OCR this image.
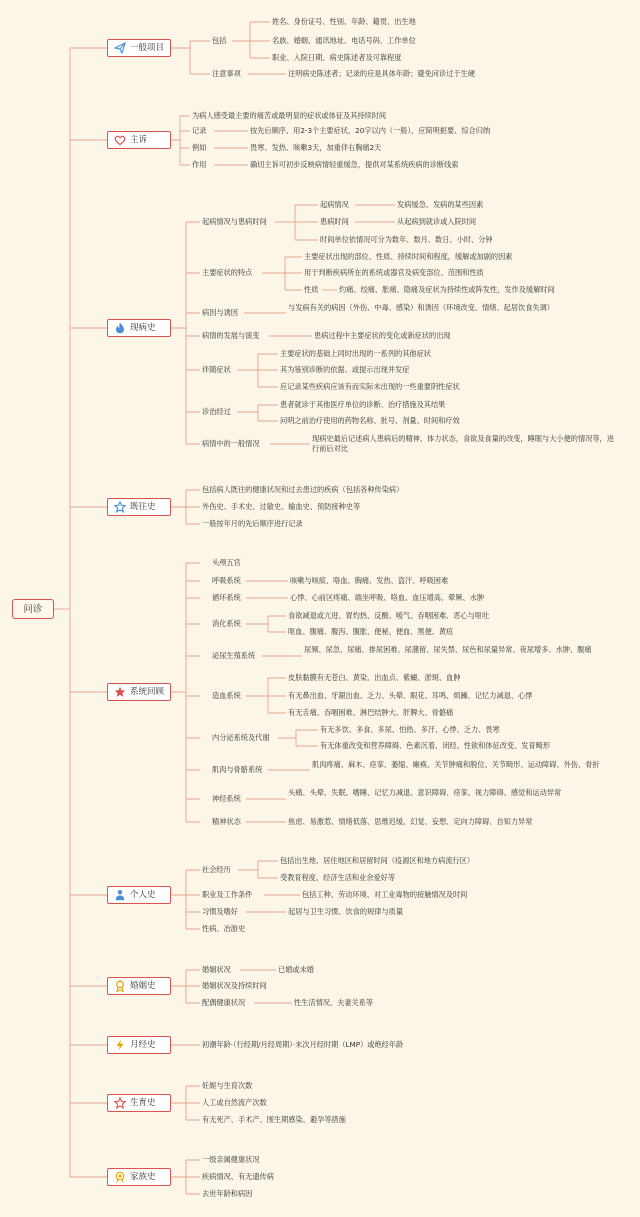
问诊
一般项目
包括
姓名、身份证号、性别、年龄、籍贯、出生地
名族、婚姻、通讯地址、电话号码、工作单位
职业、入院日期、病史陈述者及可靠程度
注意事项	注明病史陈述者；记录的应是具体年龄；避免问诊过于生硬
主诉
为病人感受最主要的痛苦或最明显的症状或体征及其持续时间
记录	按先后顺序、用2-3个主要症状，20字以内（一般），应简明扼要、综合归纳
例如	畏寒、发热、咳嗽3天，加重伴右胸痛2天
作用	确切主诉可初步反映病情轻重缓急，提供对某系统疾病的诊断线索
现病史
起病情况与患病时间
起病情况	发病缓急、发病的某些因素
患病时间	从起病到就诊或入院时间
时间单位依情况可分为数年、数月、数日、小时、分钟
主要症状的特点
主要症状出现的部位、性质、持续时间和程度，缓解或加剧的因素
用于判断疾病所在的系统或器官及病变部位、范围和性质
性质	灼痛、绞痛、胀痛、隐痛及症状为持续性或阵发性，发作及缓解时间
病因与诱因
与发病有关的病因（外伤、中毒、感染）和诱因（环境改变、情绪、起居饮食失调）
病情的发展与演变	患病过程中主要症状的变化或新症状的出现
伴随症状
主要症状的基础上同时出现的一系列的其他症状
其为鉴别诊断的依据、或提示出现并发症
应记录某些疾病应该有而实际未出现的一些重要阴性症状
诊治经过
患者就诊于其他医疗单位的诊断、治疗措施及其结果
问明之前治疗使用的药物名称、批号、剂量、时间和疗效
病情中的一般情况
现病史最后记述病人患病后的精神、体力状态，食欲及食量的改变，睡眠与大小便的情况等，进行前后对比
既往史
包括病人既往的健康状况和过去患过的疾病（包括各种传染病）
外伤史、手术史、过敏史、输血史、预防接种史等
一般按年月的先后顺序进行记录
系统回顾
头颅五官
呼吸系统	咳嗽与咳痰、咯血、胸痛、发热、盗汗、呼吸困难
循环系统	心悸、心前区疼痛、端坐呼吸、咯血、血压增高、晕厥、水肿
消化系统
食欲减退或亢进、胃灼热、反酸、嗳气、吞咽困难、恶心与呕吐
呕血、腹痛、腹泻、腹胀、便秘、便血、黑便、黄疸
泌尿生殖系统
尿频、尿急、尿痛、排尿困难、尿潴留、尿失禁、尿色和尿量异常、夜尿增多、水肿、腹痛
造血系统
皮肤黏膜有无苍白、黄染、出血点、紫癜、淤斑、血肿
有无鼻出血、牙龈出血、乏力、头晕、眼花、耳鸣、烦躁、记忆力减退、心悸
有无舌痛、吞咽困难、淋巴结肿大、肝脾大、骨骼痛
内分泌系统及代谢
有无多饮、多食、多尿、怕热、多汗、心悸、乏力、畏寒
有无体重改变和营养障碍、色素沉着、闭经、性欲和体征改变、发育畸形
肌肉与骨骼系统
肌肉疼痛、麻木、痉挛、萎缩、瘫痪、关节肿痛和脱位、关节畸形、运动障碍、外伤、骨折
神经系统
头痛、头晕、失眠、嗜睡、记忆力减退、意识障碍、痉挛、视力障碍、感觉和运动异常
精神状态	焦虑、易激惹、情绪低落、思维迟缓、幻觉、妄想、定向力障碍、自知力异常
个人史
社会经历
包括出生地、居住地区和居留时间（疫源区和地方病流行区）
受教育程度、经济生活和业余爱好等
职业及工作条件	包括工种、劳动环境、对工业毒物的接触情况及时间
习惯及嗜好	起居与卫生习惯、饮食的规律与质量
性病、冶游史
婚姻史
婚姻状况	已婚或未婚
婚姻状况及持续时间
配偶健康状况	性生活情况、夫妻关系等
月经史	初潮年龄·（行经期/月经周期）·末次月经时期（LMP）或绝经年龄
生育史
妊娠与生育次数
人工或自然流产次数
有无死产、手术产、围生期感染、避孕等措施
家族史
一级亲属健康状况
疾病情况、有无遗传病
去世年龄和病因
